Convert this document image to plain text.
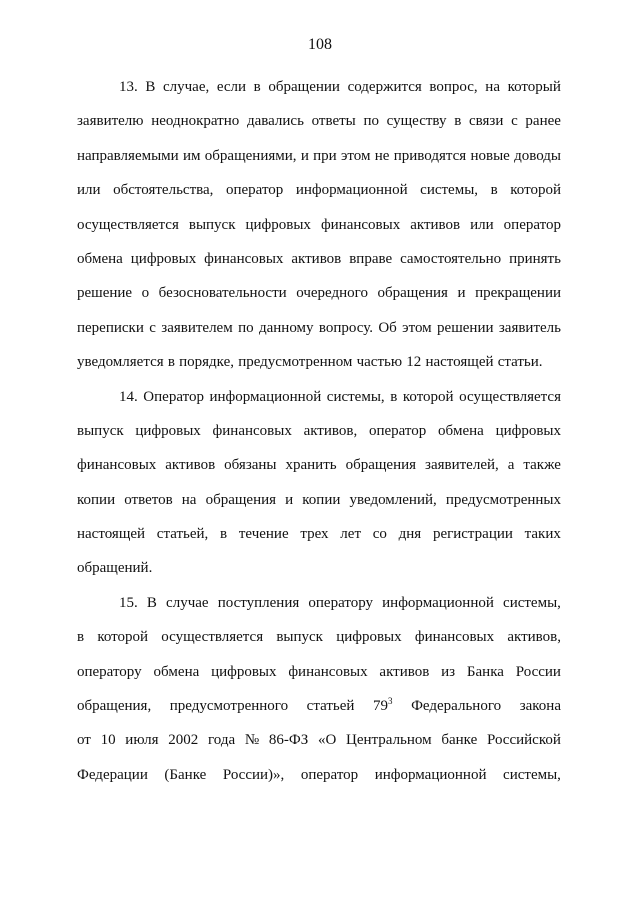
108
13. В случае, если в обращении содержится вопрос, на который
заявителю неоднократно давались ответы по существу в связи с ранее
направляемыми им обращениями, и при этом не приводятся новые доводы
или обстоятельства, оператор информационной системы, в которой
осуществляется выпуск цифровых финансовых активов или оператор
обмена цифровых финансовых активов вправе самостоятельно принять
решение о безосновательности очередного обращения и прекращении
переписки с заявителем по данному вопросу. Об этом решении заявитель
уведомляется в порядке, предусмотренном частью 12 настоящей статьи.
14. Оператор информационной системы, в которой осуществляется
выпуск цифровых финансовых активов, оператор обмена цифровых
финансовых активов обязаны хранить обращения заявителей, а также
копии ответов на обращения и копии уведомлений, предусмотренных
настоящей статьей, в течение трех лет со дня регистрации таких
обращений.
15. В случае поступления оператору информационной системы,
в которой осуществляется выпуск цифровых финансовых активов,
оператору обмена цифровых финансовых активов из Банка России
обращения, предусмотренного статьей $79^3$ Федерального закона
от 10 июля 2002 года № 86-ФЗ «О Центральном банке Российской
Федерации (Банке России)», оператор информационной системы,
